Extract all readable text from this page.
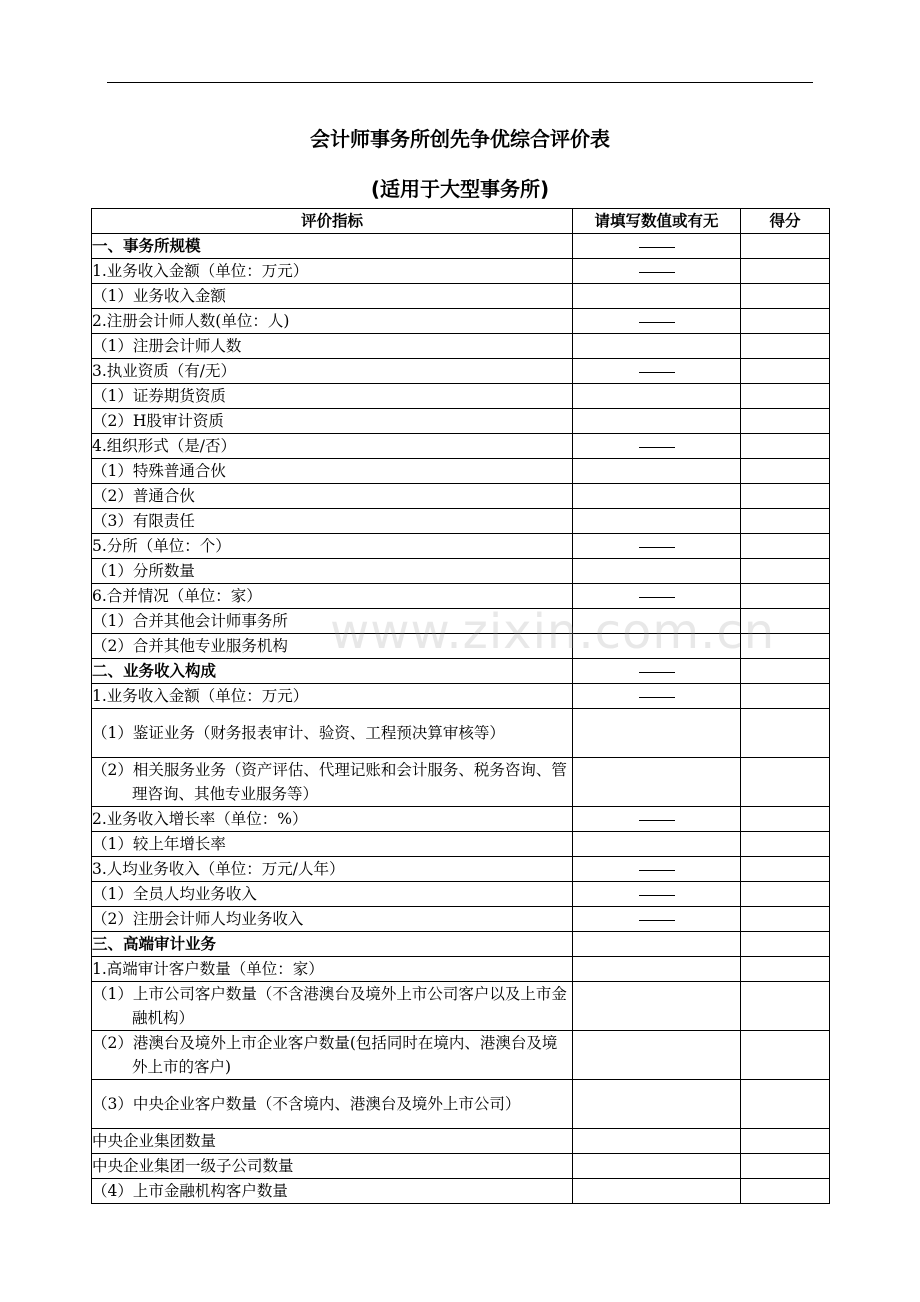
会计师事务所创先争优综合评价表
(适用于大型事务所)
评价指标	请填写数值或有无	得分
一、事务所规模		
1.业务收入金额（单位：万元）		
（1）业务收入金额		
2.注册会计师人数(单位：人)		
（1）注册会计师人数		
3.执业资质（有/无）		
（1）证券期货资质		
（2）H股审计资质		
4.组织形式（是/否）		
（1）特殊普通合伙		
（2）普通合伙		
（3）有限责任		
5.分所（单位：个）		
（1）分所数量		
6.合并情况（单位：家）		
（1）合并其他会计师事务所		
（2）合并其他专业服务机构		
二、业务收入构成		
1.业务收入金额（单位：万元）		

（1）鉴证业务（财务报表审计、验资、工程预决算审核等）		

（2）相关服务业务（资产评估、代理记账和会计服务、税务咨询、管理咨询、其他专业服务等）		

2.业务收入增长率（单位：%）		
（1）较上年增长率		
3.人均业务收入（单位：万元/人年）		
（1）全员人均业务收入		
（2）注册会计师人均业务收入		
三、高端审计业务		
1.高端审计客户数量（单位：家）		

（1）上市公司客户数量（不含港澳台及境外上市公司客户以及上市金融机构）		

（2）港澳台及境外上市企业客户数量(包括同时在境内、港澳台及境外上市的客户)		

（3）中央企业客户数量（不含境内、港澳台及境外上市公司）		

中央企业集团数量		
中央企业集团一级子公司数量		
（4）上市金融机构客户数量		
www.zixin.com.cn
